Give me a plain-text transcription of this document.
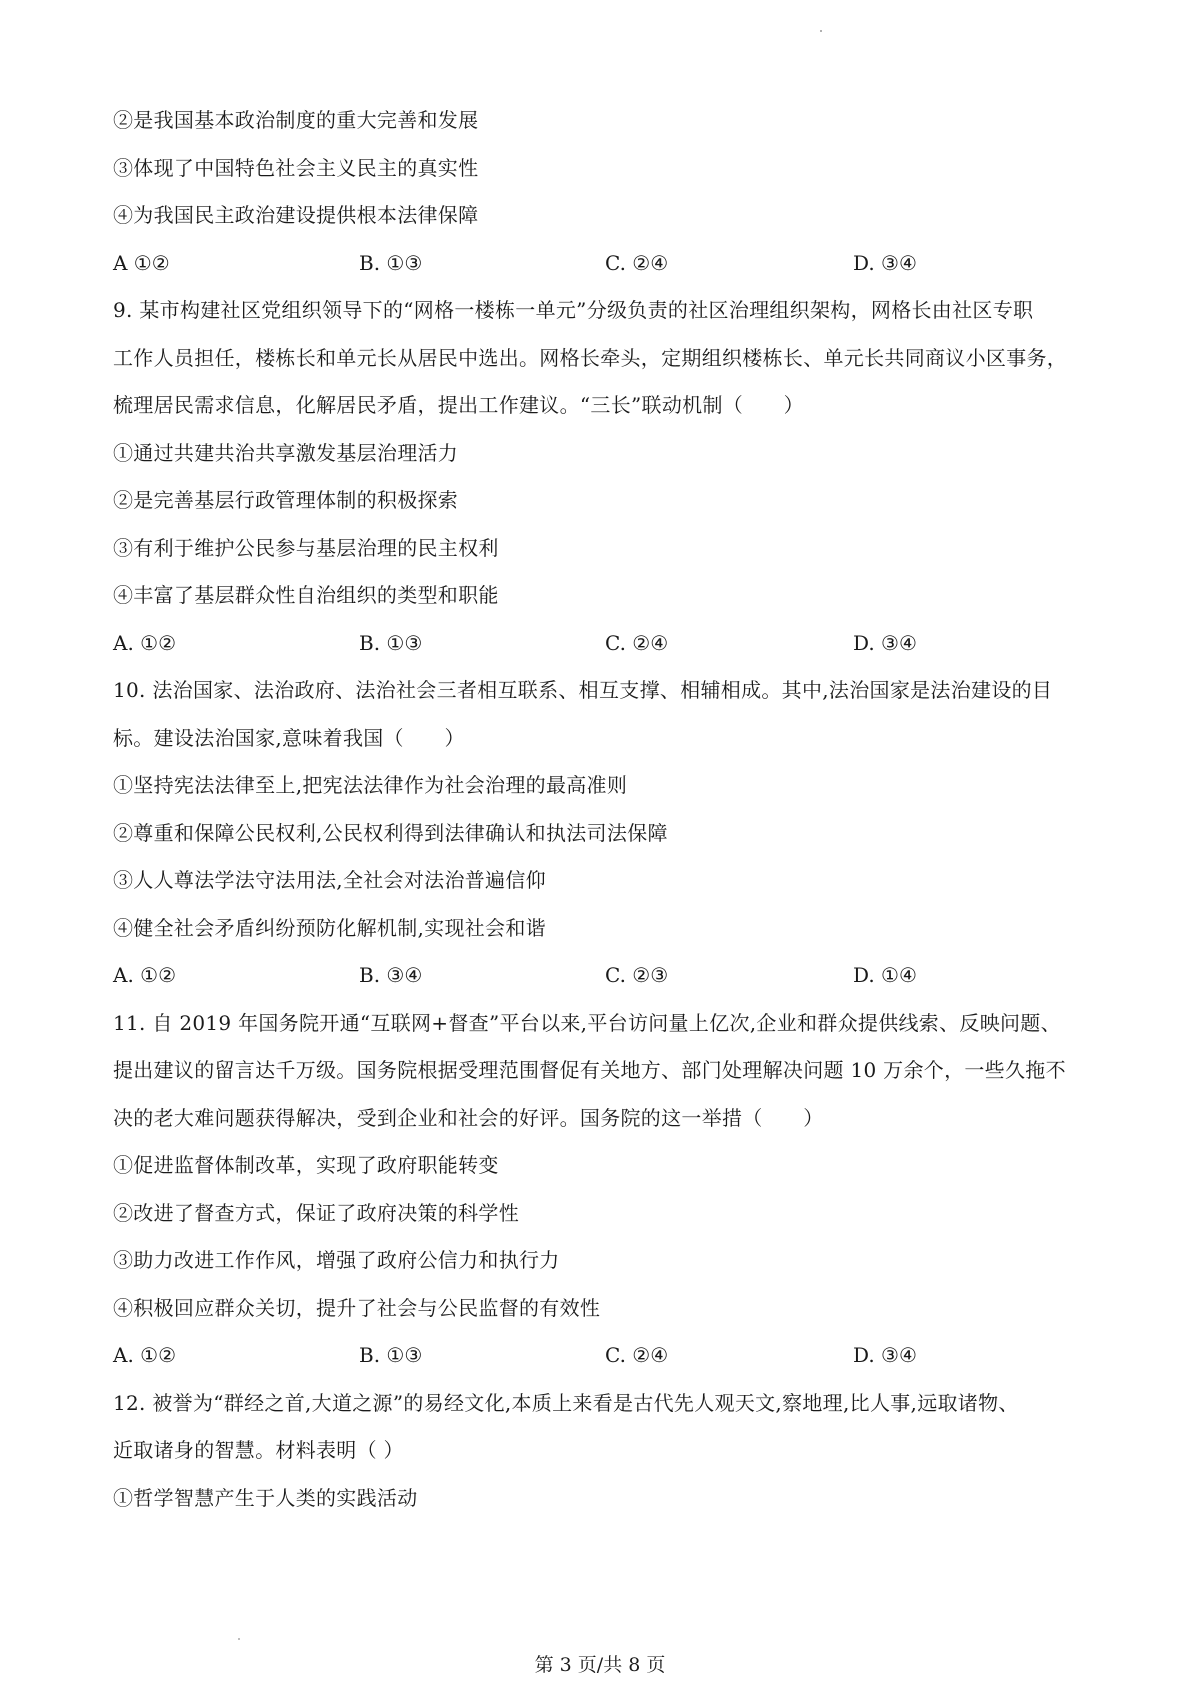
②是我国基本政治制度的重大完善和发展
③体现了中国特色社会主义民主的真实性
④为我国民主政治建设提供根本法律保障
A ①②	B. ①③	C. ②④	D. ③④
9. 某市构建社区党组织领导下的“网格一楼栋一单元”分级负责的社区治理组织架构，网格长由社区专职
工作人员担任，楼栋长和单元长从居民中选出。网格长牵头，定期组织楼栋长、单元长共同商议小区事务，
梳理居民需求信息，化解居民矛盾，提出工作建议。“三长”联动机制（　　）
①通过共建共治共享激发基层治理活力
②是完善基层行政管理体制的积极探索
③有利于维护公民参与基层治理的民主权利
④丰富了基层群众性自治组织的类型和职能
A. ①②	B. ①③	C. ②④	D. ③④
10. 法治国家、法治政府、法治社会三者相互联系、相互支撑、相辅相成。其中,法治国家是法治建设的目
标。建设法治国家,意味着我国（　　）
①坚持宪法法律至上,把宪法法律作为社会治理的最高准则
②尊重和保障公民权利,公民权利得到法律确认和执法司法保障
③人人尊法学法守法用法,全社会对法治普遍信仰
④健全社会矛盾纠纷预防化解机制,实现社会和谐
A. ①②	B. ③④	C. ②③	D. ①④
11. 自 2019 年国务院开通“互联网+督查”平台以来,平台访问量上亿次,企业和群众提供线索、反映问题、
提出建议的留言达千万级。国务院根据受理范围督促有关地方、部门处理解决问题 10 万余个，一些久拖不
决的老大难问题获得解决，受到企业和社会的好评。国务院的这一举措（　　）
①促进监督体制改革，实现了政府职能转变
②改进了督查方式，保证了政府决策的科学性
③助力改进工作作风，增强了政府公信力和执行力
④积极回应群众关切，提升了社会与公民监督的有效性
A. ①②	B. ①③	C. ②④	D. ③④
12. 被誉为“群经之首,大道之源”的易经文化,本质上来看是古代先人观天文,察地理,比人事,远取诸物、
近取诸身的智慧。材料表明（ ）
①哲学智慧产生于人类的实践活动
第 3 页/共 8 页
